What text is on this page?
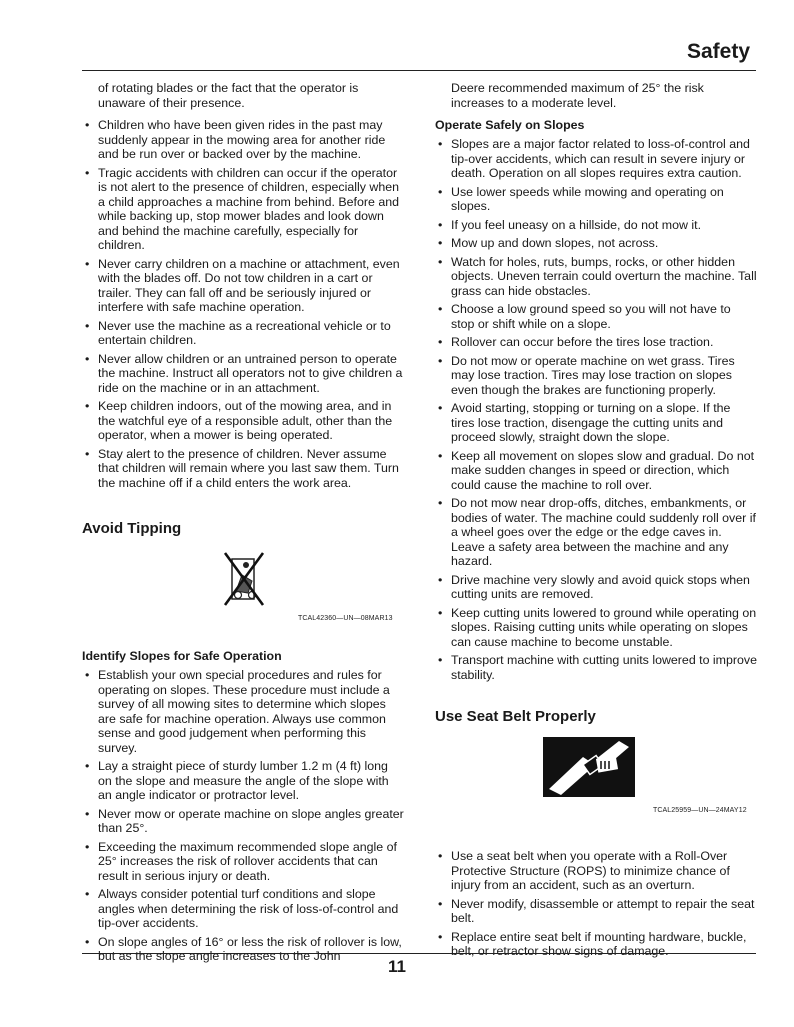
Safety

of rotating blades or the fact that the operator is unaware of their presence.

• Children who have been given rides in the past may suddenly appear in the mowing area for another ride and be run over or backed over by the machine.
• Tragic accidents with children can occur if the operator is not alert to the presence of children, especially when a child approaches a machine from behind. Before and while backing up, stop mower blades and look down and behind the machine carefully, especially for children.
• Never carry children on a machine or attachment, even with the blades off. Do not tow children in a cart or trailer. They can fall off and be seriously injured or interfere with safe machine operation.
• Never use the machine as a recreational vehicle or to entertain children.
• Never allow children or an untrained person to operate the machine. Instruct all operators not to give children a ride on the machine or in an attachment.
• Keep children indoors, out of the mowing area, and in the watchful eye of a responsible adult, other than the operator, when a mower is being operated.
• Stay alert to the presence of children. Never assume that children will remain where you last saw them. Turn the machine off if a child enters the work area.
Avoid Tipping
TCAL42360—UN—08MAR13
Identify Slopes for Safe Operation
• Establish your own special procedures and rules for operating on slopes. These procedure must include a survey of all mowing sites to determine which slopes are safe for machine operation. Always use common sense and good judgement when performing this survey.
• Lay a straight piece of sturdy lumber 1.2 m (4 ft) long on the slope and measure the angle of the slope with an angle indicator or protractor level.
• Never mow or operate machine on slope angles greater than 25°.
• Exceeding the maximum recommended slope angle of 25° increases the risk of rollover accidents that can result in serious injury or death.
• Always consider potential turf conditions and slope angles when determining the risk of loss-of-control and tip-over accidents.
• On slope angles of 16° or less the risk of rollover is low, but as the slope angle increases to the John

Deere recommended maximum of 25° the risk increases to a moderate level.

Operate Safely on Slopes
• Slopes are a major factor related to loss-of-control and tip-over accidents, which can result in severe injury or death. Operation on all slopes requires extra caution.
• Use lower speeds while mowing and operating on slopes.
• If you feel uneasy on a hillside, do not mow it.
• Mow up and down slopes, not across.
• Watch for holes, ruts, bumps, rocks, or other hidden objects. Uneven terrain could overturn the machine. Tall grass can hide obstacles.
• Choose a low ground speed so you will not have to stop or shift while on a slope.
• Rollover can occur before the tires lose traction.
• Do not mow or operate machine on wet grass. Tires may lose traction. Tires may lose traction on slopes even though the brakes are functioning properly.
• Avoid starting, stopping or turning on a slope. If the tires lose traction, disengage the cutting units and proceed slowly, straight down the slope.
• Keep all movement on slopes slow and gradual. Do not make sudden changes in speed or direction, which could cause the machine to roll over.
• Do not mow near drop-offs, ditches, embankments, or bodies of water. The machine could suddenly roll over if a wheel goes over the edge or the edge caves in. Leave a safety area between the machine and any hazard.
• Drive machine very slowly and avoid quick stops when cutting units are removed.
• Keep cutting units lowered to ground while operating on slopes. Raising cutting units while operating on slopes can cause machine to become unstable.
• Transport machine with cutting units lowered to improve stability.
Use Seat Belt Properly
TCAL25959—UN—24MAY12
• Use a seat belt when you operate with a Roll-Over Protective Structure (ROPS) to minimize chance of injury from an accident, such as an overturn.
• Never modify, disassemble or attempt to repair the seat belt.
• Replace entire seat belt if mounting hardware, buckle, belt, or retractor show signs of damage.

11
